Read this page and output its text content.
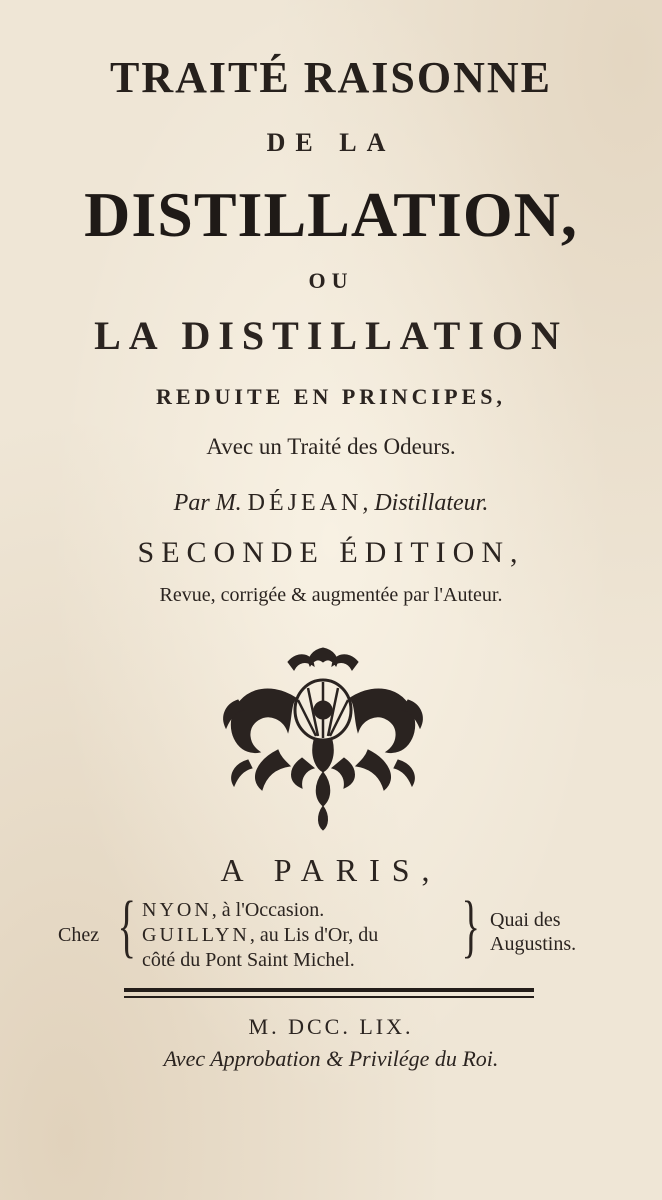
TRAITÉ RAISONNE
DE LA
DISTILLATION,
OU
LA DISTILLATION
REDUITE EN PRINCIPES,
Avec un Traité des Odeurs.
Par M. DÉJEAN, Distillateur.
SECONDE ÉDITION,
Revue, corrigée & augmentée par l'Auteur.
A PARIS,
Chez { NYON, à l'Occasion.
GUILLYN, au Lis d'Or, du
côté du Pont Saint Michel.	} Quai des
Augustins.
M. DCC. LIX.
Avec Approbation & Privilége du Roi.
